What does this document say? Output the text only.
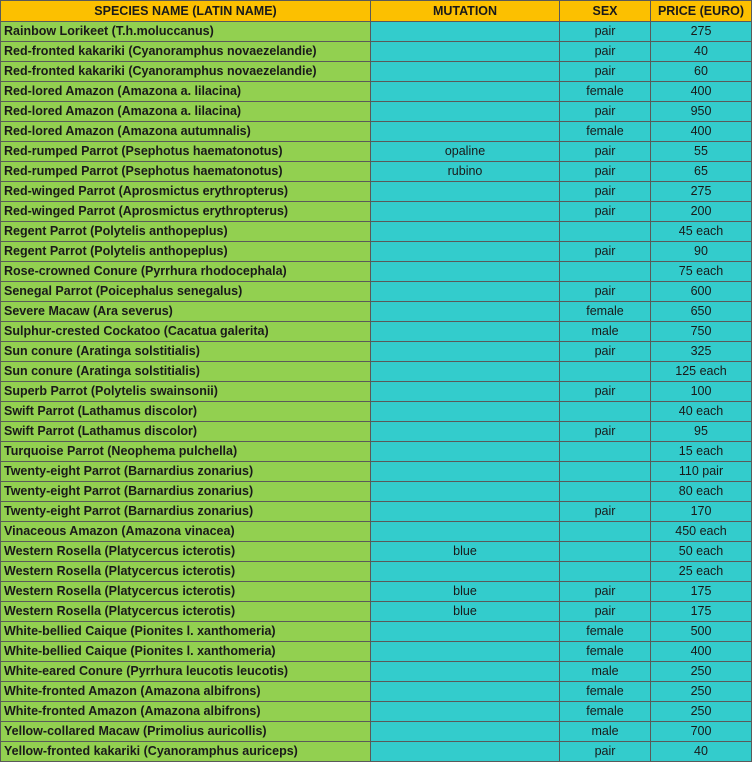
SPECIES NAME (LATIN NAME)	MUTATION	SEX	PRICE (EURO)
Rainbow Lorikeet (T.h.moluccanus)		pair	275
Red-fronted kakariki (Cyanoramphus novaezelandie)		pair	40
Red-fronted kakariki (Cyanoramphus novaezelandie)		pair	60
Red-lored Amazon (Amazona a. lilacina)		female	400
Red-lored Amazon (Amazona a. lilacina)		pair	950
Red-lored Amazon (Amazona autumnalis)		female	400
Red-rumped Parrot (Psephotus haematonotus)	opaline	pair	55
Red-rumped Parrot (Psephotus haematonotus)	rubino	pair	65
Red-winged Parrot (Aprosmictus erythropterus)		pair	275
Red-winged Parrot (Aprosmictus erythropterus)		pair	200
Regent Parrot (Polytelis anthopeplus)			45 each
Regent Parrot (Polytelis anthopeplus)		pair	90
Rose-crowned Conure (Pyrrhura rhodocephala)			75 each
Senegal Parrot (Poicephalus senegalus)		pair	600
Severe Macaw (Ara severus)		female	650
Sulphur-crested Cockatoo (Cacatua galerita)		male	750
Sun conure (Aratinga solstitialis)		pair	325
Sun conure (Aratinga solstitialis)			125 each
Superb Parrot (Polytelis swainsonii)		pair	100
Swift Parrot (Lathamus discolor)			40 each
Swift Parrot (Lathamus discolor)		pair	95
Turquoise Parrot (Neophema pulchella)			15 each
Twenty-eight Parrot (Barnardius zonarius)			110 pair
Twenty-eight Parrot (Barnardius zonarius)			80 each
Twenty-eight Parrot (Barnardius zonarius)		pair	170
Vinaceous Amazon (Amazona vinacea)			450 each
Western Rosella (Platycercus icterotis)	blue		50 each
Western Rosella (Platycercus icterotis)			25 each
Western Rosella (Platycercus icterotis)	blue	pair	175
Western Rosella (Platycercus icterotis)	blue	pair	175
White-bellied Caique (Pionites l. xanthomeria)		female	500
White-bellied Caique (Pionites l. xanthomeria)		female	400
White-eared Conure (Pyrrhura leucotis leucotis)		male	250
White-fronted Amazon (Amazona albifrons)		female	250
White-fronted Amazon (Amazona albifrons)		female	250
Yellow-collared Macaw (Primolius auricollis)		male	700
Yellow-fronted kakariki (Cyanoramphus auriceps)		pair	40
